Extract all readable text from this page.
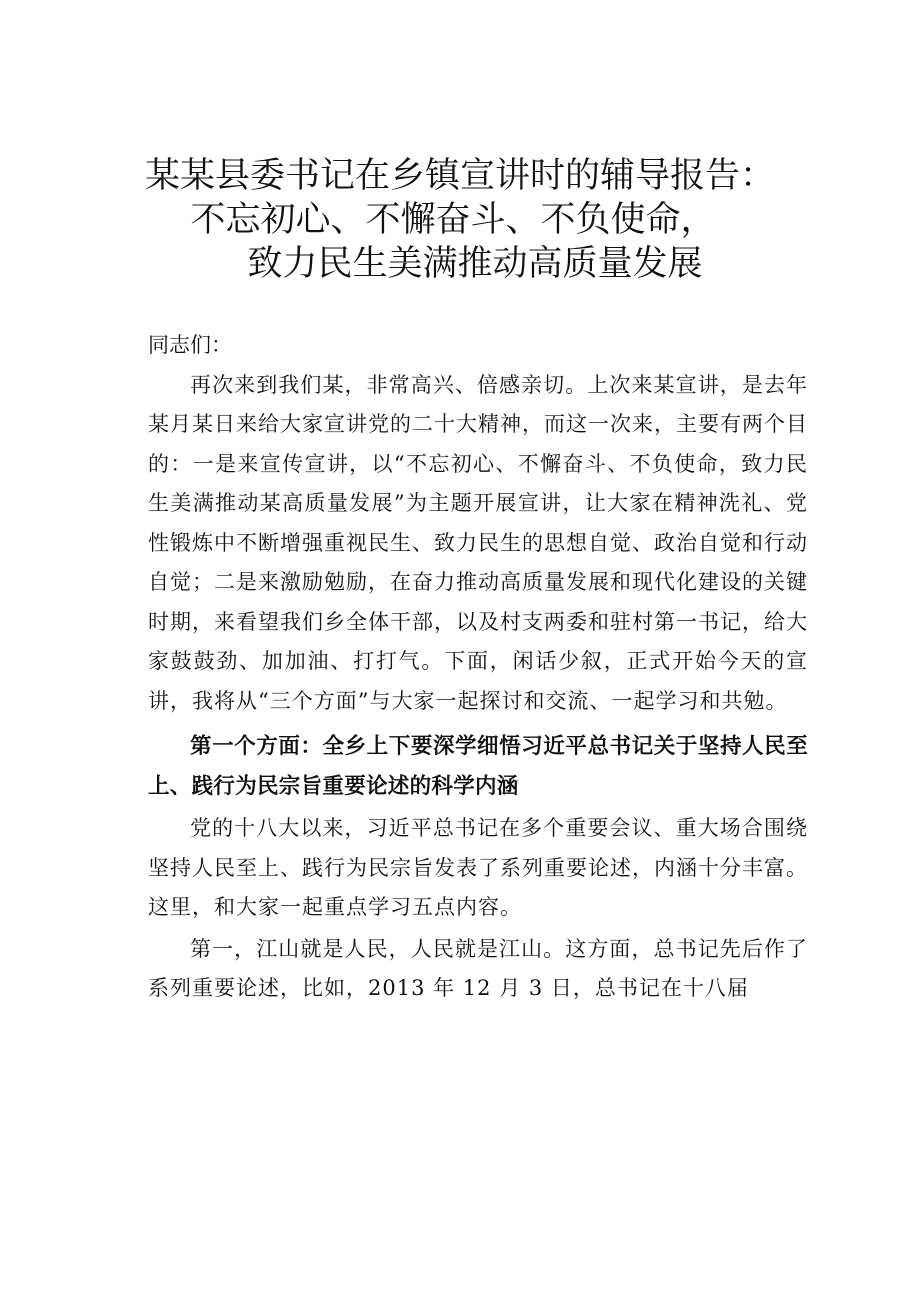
某某县委书记在乡镇宣讲时的辅导报告：
不忘初心、不懈奋斗、不负使命，
致力民生美满推动高质量发展

同志们：

再次来到我们某，非常高兴、倍感亲切。上次来某宣讲，是去年某月某日来给大家宣讲党的二十大精神，而这一次来，主要有两个目的：一是来宣传宣讲，以“不忘初心、不懈奋斗、不负使命，致力民生美满推动某高质量发展”为主题开展宣讲，让大家在精神洗礼、党性锻炼中不断增强重视民生、致力民生的思想自觉、政治自觉和行动自觉；二是来激励勉励，在奋力推动高质量发展和现代化建设的关键时期，来看望我们乡全体干部，以及村支两委和驻村第一书记，给大家鼓鼓劲、加加油、打打气。下面，闲话少叙，正式开始今天的宣讲，我将从“三个方面”与大家一起探讨和交流、一起学习和共勉。

第一个方面：全乡上下要深学细悟习近平总书记关于坚持人民至上、践行为民宗旨重要论述的科学内涵

党的十八大以来，习近平总书记在多个重要会议、重大场合围绕坚持人民至上、践行为民宗旨发表了系列重要论述，内涵十分丰富。这里，和大家一起重点学习五点内容。

第一，江山就是人民，人民就是江山。这方面，总书记先后作了系列重要论述，比如，2013 年 12 月 3 日，总书记在十八届
